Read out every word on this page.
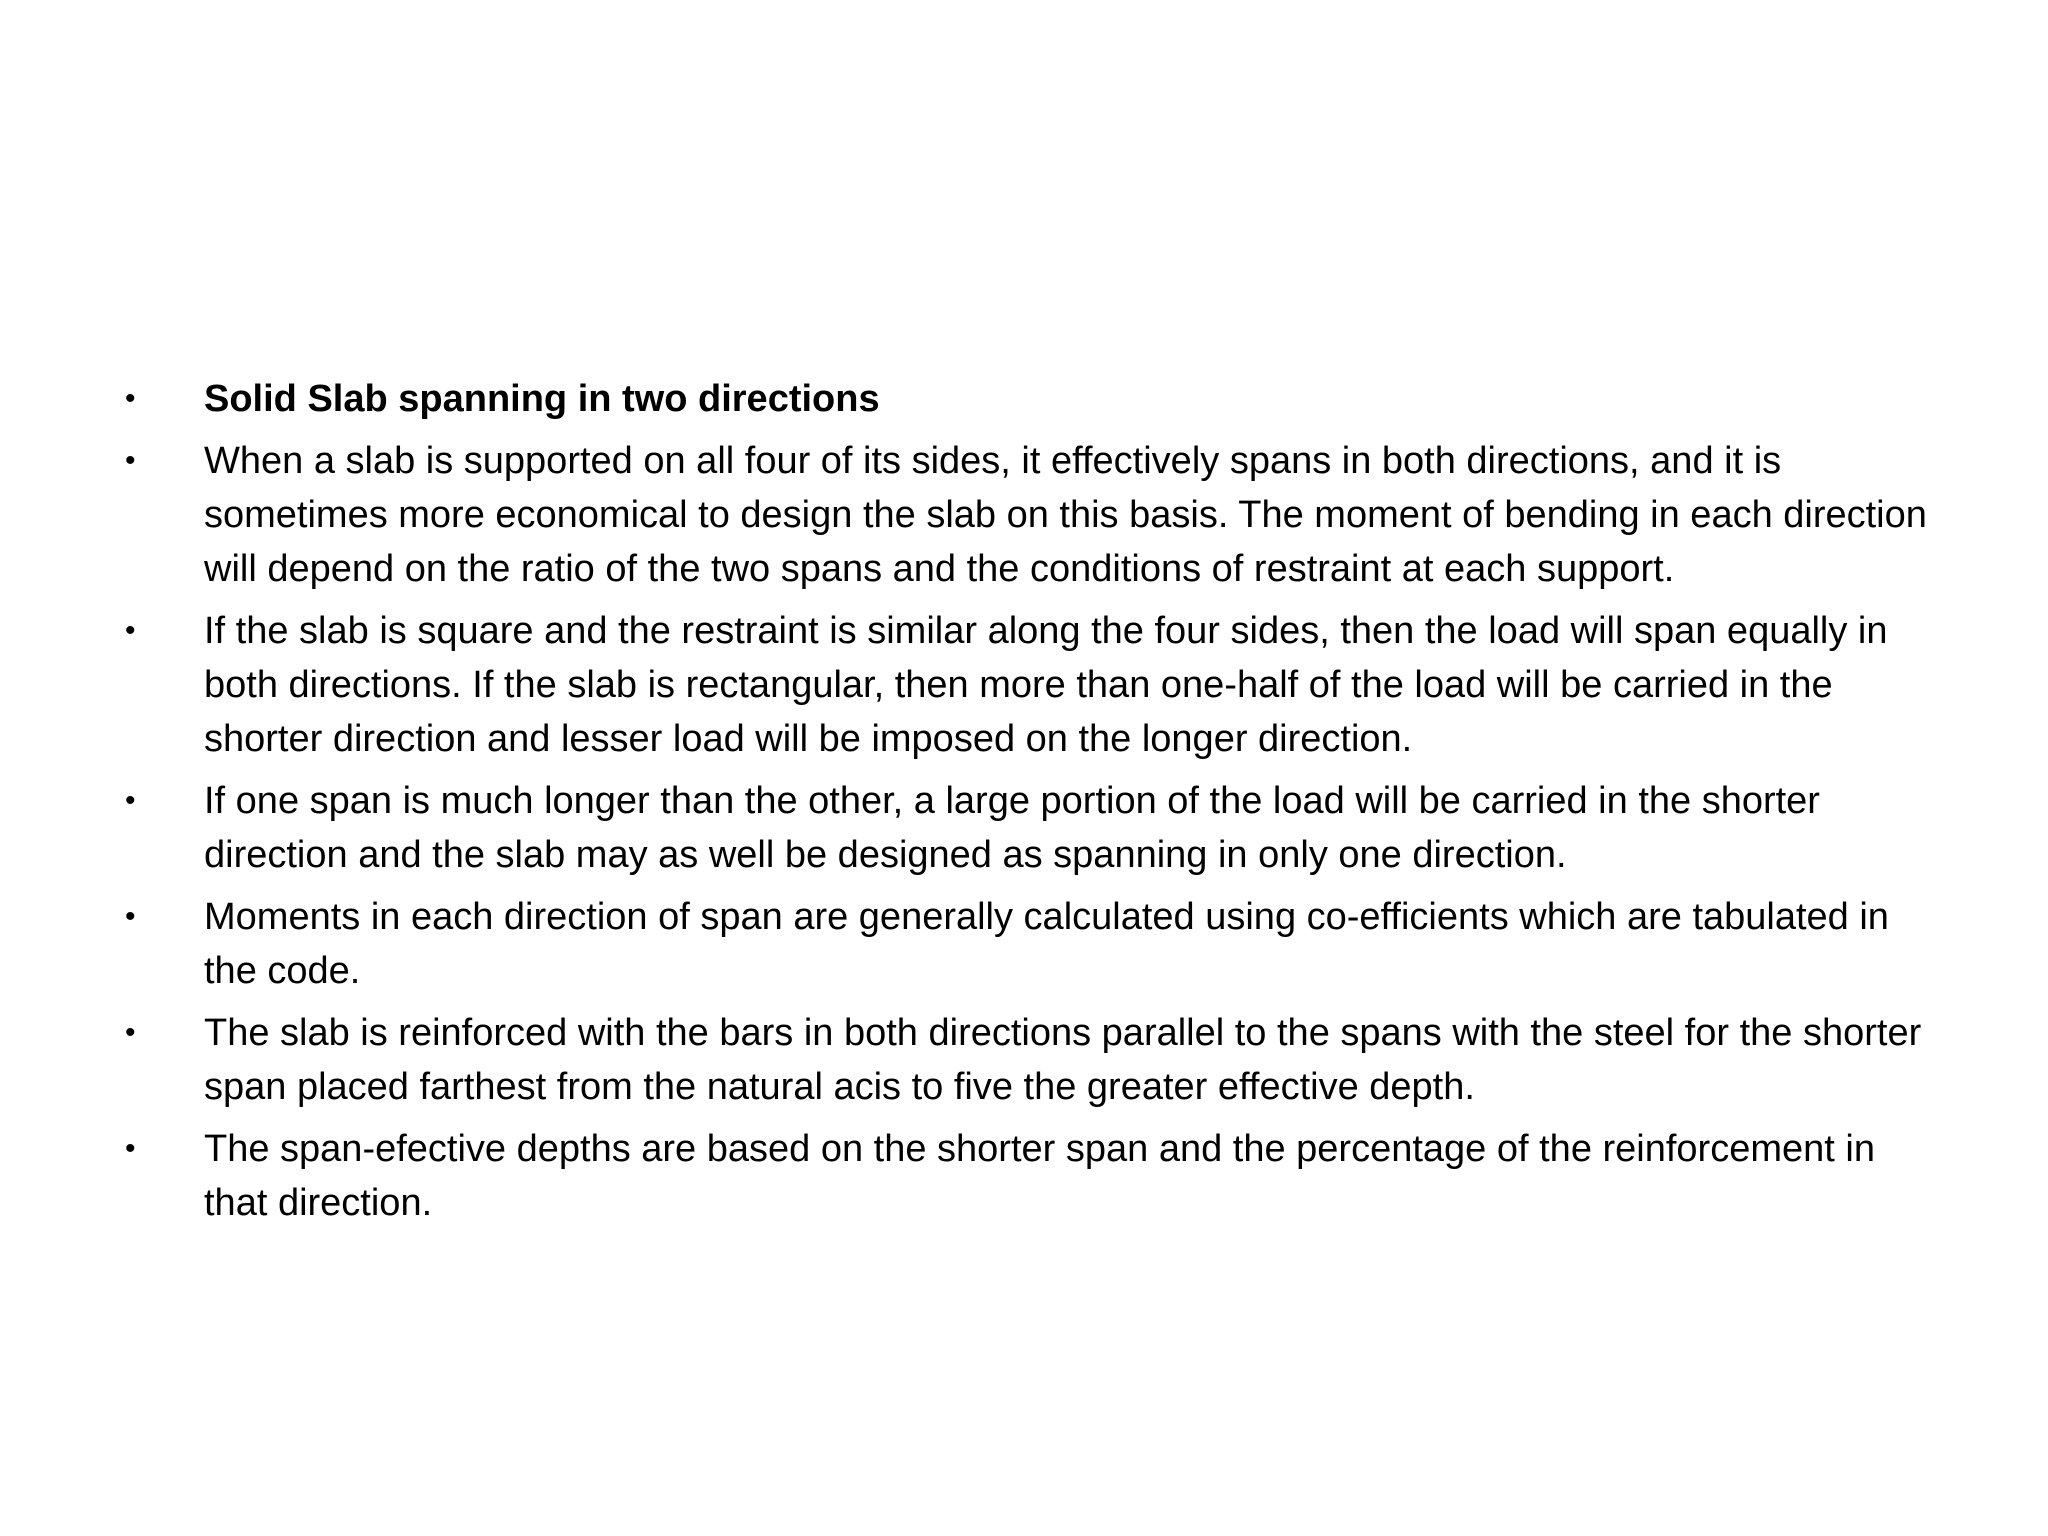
•	Solid Slab spanning in two directions
•	When a slab is supported on all four of its sides, it effectively spans in both directions, and it is sometimes more economical to design the slab on this basis. The moment of bending in each direction will depend on the ratio of the two spans and the conditions of restraint at each support.
•	If the slab is square and the restraint is similar along the four sides, then the load will span equally in both directions. If the slab is rectangular, then more than one-half of the load will be carried in the shorter direction and lesser load will be imposed on the longer direction.
•	If one span is much longer than the other, a large portion of the load will be carried in the shorter direction and the slab may as well be designed as spanning in only one direction.
•	Moments in each direction of span are generally calculated using co-efficients which are tabulated in the code.
•	The slab is reinforced with the bars in both directions parallel to the spans with the steel for the shorter span placed farthest from the natural acis to five the greater effective depth.
•	The span-efective depths are based on the shorter span and the percentage of the reinforcement in that direction.
